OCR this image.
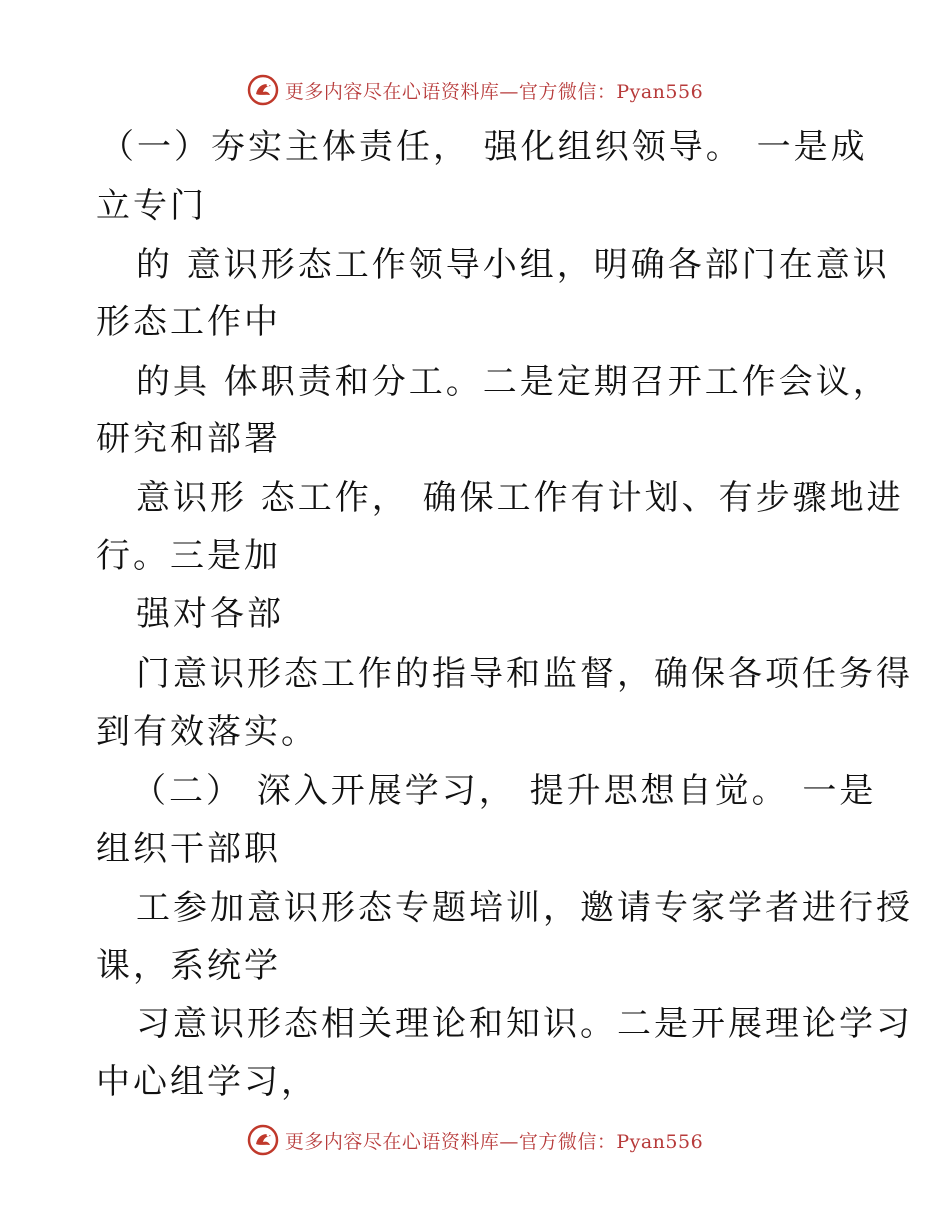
更多内容尽在心语资料库—官方微信：Pyan556
（一）夯实主体责任， 强化组织领导。 一是成
立专门
的 意识形态工作领导小组，明确各部门在意识
形态工作中
的具 体职责和分工。二是定期召开工作会议，
研究和部署
意识形 态工作， 确保工作有计划、有步骤地进
行。三是加
强对各部
门意识形态工作的指导和监督，确保各项任务得
到有效落实。
（二） 深入开展学习， 提升思想自觉。 一是
组织干部职
工参加意识形态专题培训，邀请专家学者进行授
课，系统学
习意识形态相关理论和知识。二是开展理论学习
中心组学习，
更多内容尽在心语资料库—官方微信：Pyan556
